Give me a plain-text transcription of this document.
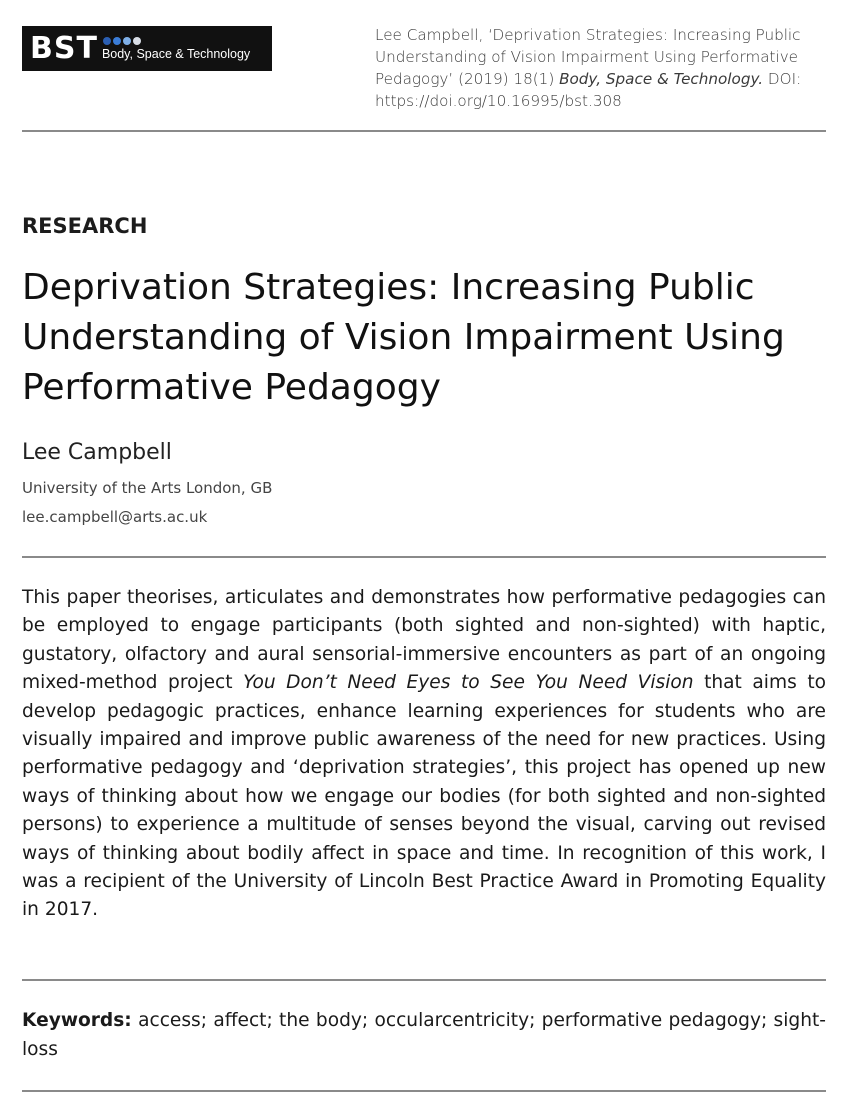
BST Body, Space & Technology
Lee Campbell, ‘Deprivation Strategies: Increasing Public Understanding of Vision Impairment Using Performative Pedagogy’ (2019) 18(1) Body, Space & Technology. DOI: https://doi.org/10.16995/bst.308
RESEARCH
Deprivation Strategies: Increasing Public Understanding of Vision Impairment Using Performative Pedagogy
Lee Campbell
University of the Arts London, GB
lee.campbell@arts.ac.uk

This paper theorises, articulates and demonstrates how performative pedagogies can be employed to engage participants (both sighted and non-sighted) with haptic, gustatory, olfactory and aural sensorial-immersive encounters as part of an ongoing mixed-method project You Don’t Need Eyes to See You Need Vision that aims to develop pedagogic practices, enhance learning experiences for students who are visually impaired and improve public awareness of the need for new practices. Using performative pedagogy and ‘deprivation strategies’, this project has opened up new ways of thinking about how we engage our bodies (for both sighted and non-sighted persons) to experience a multitude of senses beyond the visual, carving out revised ways of thinking about bodily affect in space and time. In recognition of this work, I was a recipient of the University of Lincoln Best Practice Award in Promoting Equality in 2017.

Keywords: access; affect; the body; occularcentricity; performative pedagogy; sight-loss
